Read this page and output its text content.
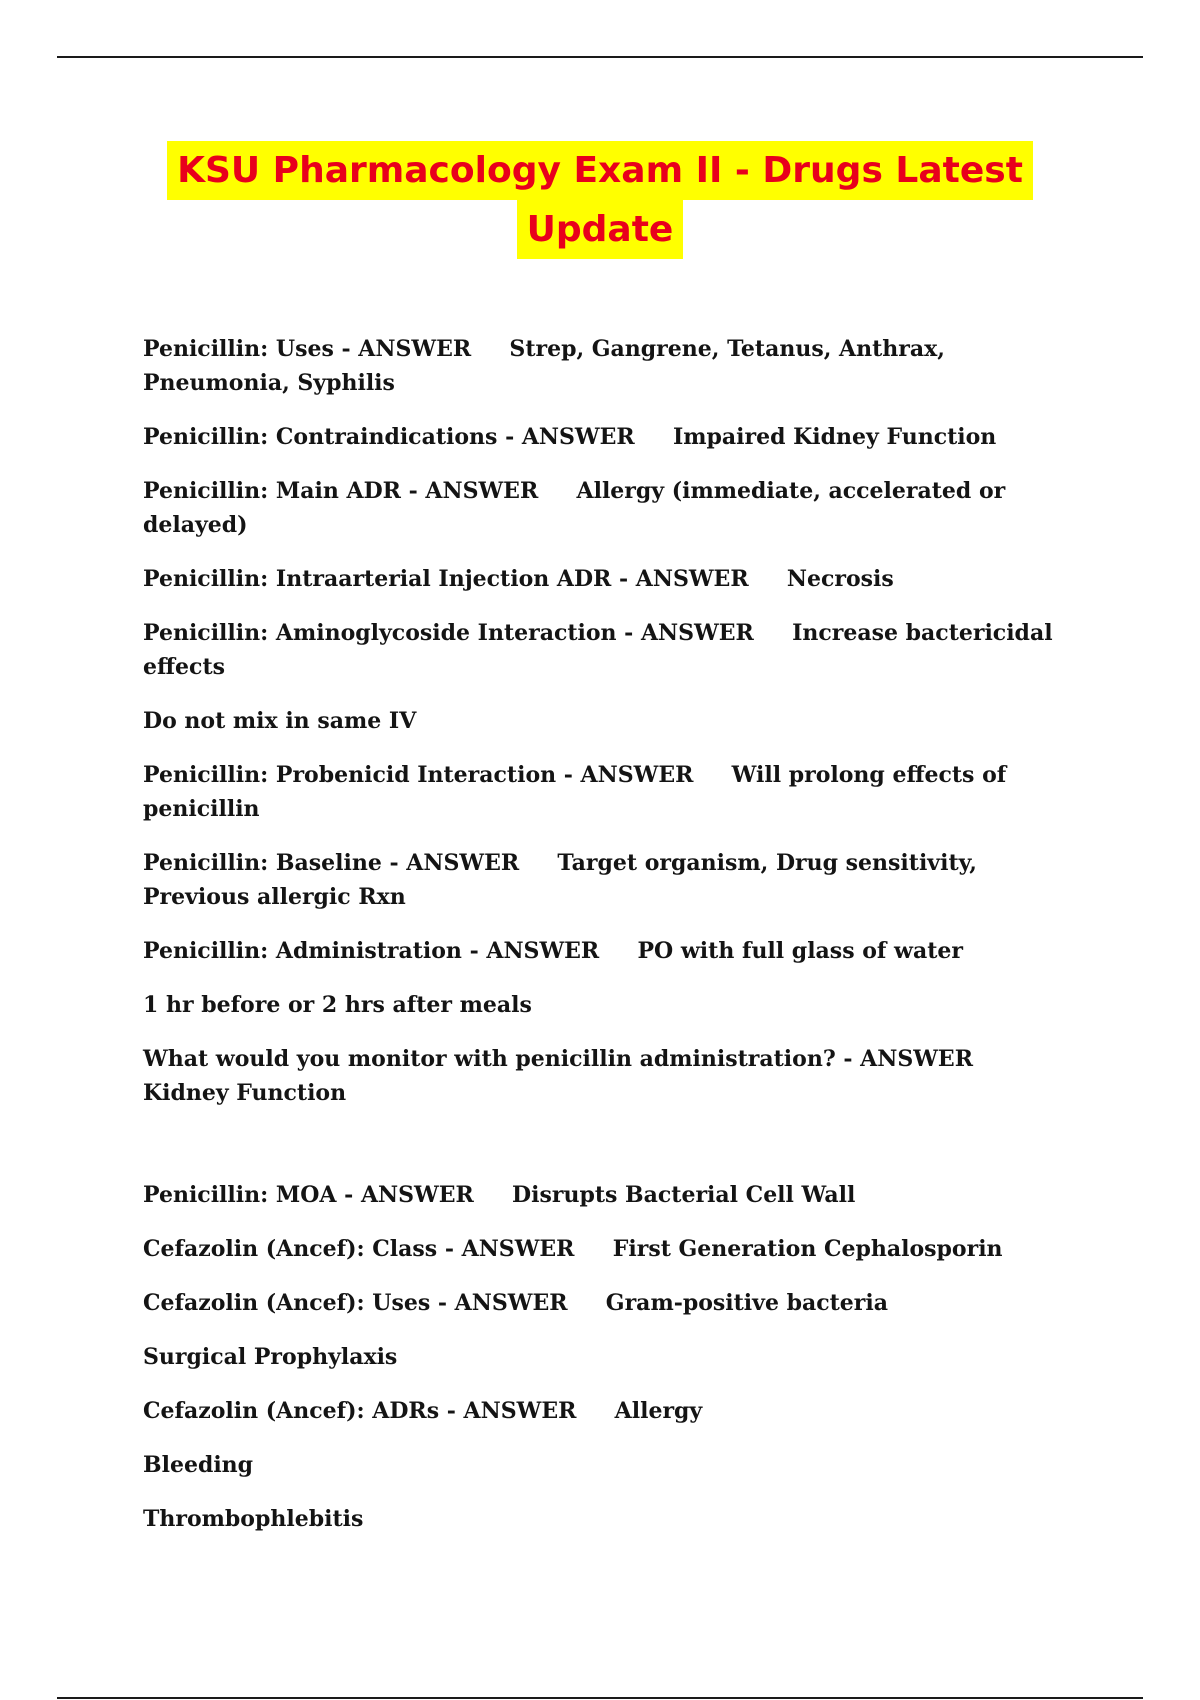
KSU Pharmacology Exam II - Drugs Latest
Update

Penicillin: Uses - ANSWER     Strep, Gangrene, Tetanus, Anthrax, Pneumonia, Syphilis

Penicillin: Contraindications - ANSWER     Impaired Kidney Function

Penicillin: Main ADR - ANSWER     Allergy (immediate, accelerated or delayed)

Penicillin: Intraarterial Injection ADR - ANSWER     Necrosis

Penicillin: Aminoglycoside Interaction - ANSWER     Increase bactericidal effects

Do not mix in same IV

Penicillin: Probenicid Interaction - ANSWER     Will prolong effects of penicillin

Penicillin: Baseline - ANSWER     Target organism, Drug sensitivity, Previous allergic Rxn

Penicillin: Administration - ANSWER     PO with full glass of water

1 hr before or 2 hrs after meals

What would you monitor with penicillin administration? - ANSWER     Kidney Function

Penicillin: MOA - ANSWER     Disrupts Bacterial Cell Wall

Cefazolin (Ancef): Class - ANSWER     First Generation Cephalosporin

Cefazolin (Ancef): Uses - ANSWER     Gram-positive bacteria

Surgical Prophylaxis

Cefazolin (Ancef): ADRs - ANSWER     Allergy

Bleeding

Thrombophlebitis
